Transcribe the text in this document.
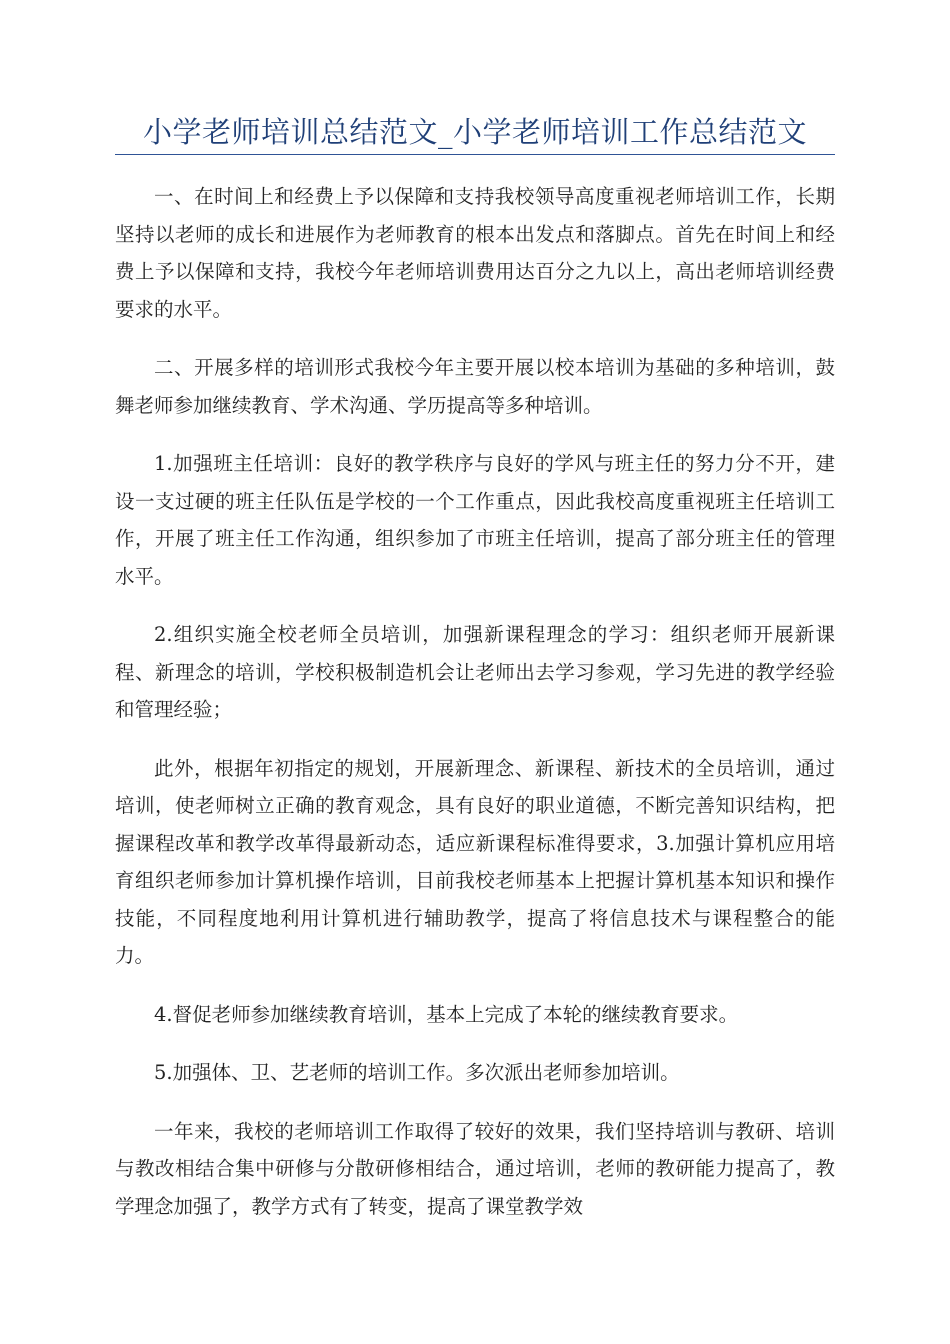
小学老师培训总结范文_小学老师培训工作总结范文

一、在时间上和经费上予以保障和支持我校领导高度重视老师培训工作，长期坚持以老师的成长和进展作为老师教育的根本出发点和落脚点。首先在时间上和经费上予以保障和支持，我校今年老师培训费用达百分之九以上，高出老师培训经费要求的水平。

二、开展多样的培训形式我校今年主要开展以校本培训为基础的多种培训，鼓舞老师参加继续教育、学术沟通、学历提高等多种培训。

1.加强班主任培训：良好的教学秩序与良好的学风与班主任的努力分不开，建设一支过硬的班主任队伍是学校的一个工作重点，因此我校高度重视班主任培训工作，开展了班主任工作沟通，组织参加了市班主任培训，提高了部分班主任的管理水平。

2.组织实施全校老师全员培训，加强新课程理念的学习：组织老师开展新课程、新理念的培训，学校积极制造机会让老师出去学习参观，学习先进的教学经验和管理经验；

此外，根据年初指定的规划，开展新理念、新课程、新技术的全员培训，通过培训，使老师树立正确的教育观念，具有良好的职业道德，不断完善知识结构，把握课程改革和教学改革得最新动态，适应新课程标准得要求，3.加强计算机应用培育组织老师参加计算机操作培训，目前我校老师基本上把握计算机基本知识和操作技能，不同程度地利用计算机进行辅助教学，提高了将信息技术与课程整合的能力。

4.督促老师参加继续教育培训，基本上完成了本轮的继续教育要求。

5.加强体、卫、艺老师的培训工作。多次派出老师参加培训。

一年来，我校的老师培训工作取得了较好的效果，我们坚持培训与教研、培训与教改相结合集中研修与分散研修相结合，通过培训，老师的教研能力提高了，教学理念加强了，教学方式有了转变，提高了课堂教学效
